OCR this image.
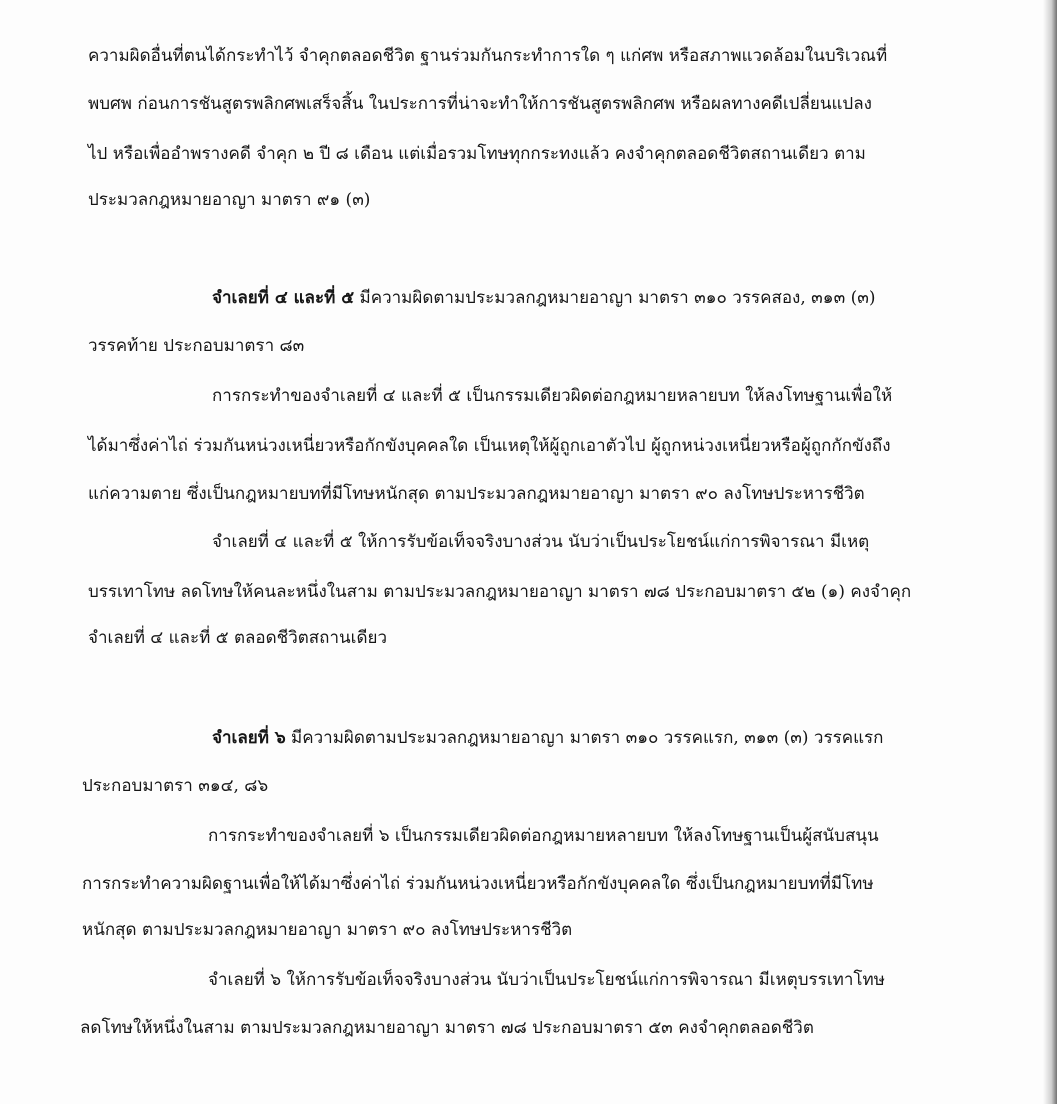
ความผิดอื่นที่ตนได้กระทำไว้ จำคุกตลอดชีวิต ฐานร่วมกันกระทำการใด ๆ แก่ศพ หรือสภาพแวดล้อมในบริเวณที่
พบศพ ก่อนการชันสูตรพลิกศพเสร็จสิ้น ในประการที่น่าจะทำให้การชันสูตรพลิกศพ หรือผลทางคดีเปลี่ยนแปลง
ไป หรือเพื่ออำพรางคดี จำคุก ๒ ปี ๘ เดือน แต่เมื่อรวมโทษทุกกระทงแล้ว คงจำคุกตลอดชีวิตสถานเดียว ตาม
ประมวลกฎหมายอาญา มาตรา ๙๑ (๓)
จำเลยที่ ๔ และที่ ๕ มีความผิดตามประมวลกฎหมายอาญา มาตรา ๓๑๐ วรรคสอง, ๓๑๓ (๓)
วรรคท้าย ประกอบมาตรา ๘๓
การกระทำของจำเลยที่ ๔ และที่ ๕ เป็นกรรมเดียวผิดต่อกฎหมายหลายบท ให้ลงโทษฐานเพื่อให้
ได้มาซึ่งค่าไถ่ ร่วมกันหน่วงเหนี่ยวหรือกักขังบุคคลใด เป็นเหตุให้ผู้ถูกเอาตัวไป ผู้ถูกหน่วงเหนี่ยวหรือผู้ถูกกักขังถึง
แก่ความตาย ซึ่งเป็นกฎหมายบทที่มีโทษหนักสุด ตามประมวลกฎหมายอาญา มาตรา ๙๐ ลงโทษประหารชีวิต
จำเลยที่ ๔ และที่ ๕ ให้การรับข้อเท็จจริงบางส่วน นับว่าเป็นประโยชน์แก่การพิจารณา มีเหตุ
บรรเทาโทษ ลดโทษให้คนละหนึ่งในสาม ตามประมวลกฎหมายอาญา มาตรา ๗๘ ประกอบมาตรา ๕๒ (๑) คงจำคุก
จำเลยที่ ๔ และที่ ๕ ตลอดชีวิตสถานเดียว
จำเลยที่ ๖ มีความผิดตามประมวลกฎหมายอาญา มาตรา ๓๑๐ วรรคแรก, ๓๑๓ (๓) วรรคแรก
ประกอบมาตรา ๓๑๔, ๘๖
การกระทำของจำเลยที่ ๖ เป็นกรรมเดียวผิดต่อกฎหมายหลายบท ให้ลงโทษฐานเป็นผู้สนับสนุน
การกระทำความผิดฐานเพื่อให้ได้มาซึ่งค่าไถ่ ร่วมกันหน่วงเหนี่ยวหรือกักขังบุคคลใด ซึ่งเป็นกฎหมายบทที่มีโทษ
หนักสุด ตามประมวลกฎหมายอาญา มาตรา ๙๐ ลงโทษประหารชีวิต
จำเลยที่ ๖ ให้การรับข้อเท็จจริงบางส่วน นับว่าเป็นประโยชน์แก่การพิจารณา มีเหตุบรรเทาโทษ
ลดโทษให้หนึ่งในสาม ตามประมวลกฎหมายอาญา มาตรา ๗๘ ประกอบมาตรา ๕๓ คงจำคุกตลอดชีวิต
